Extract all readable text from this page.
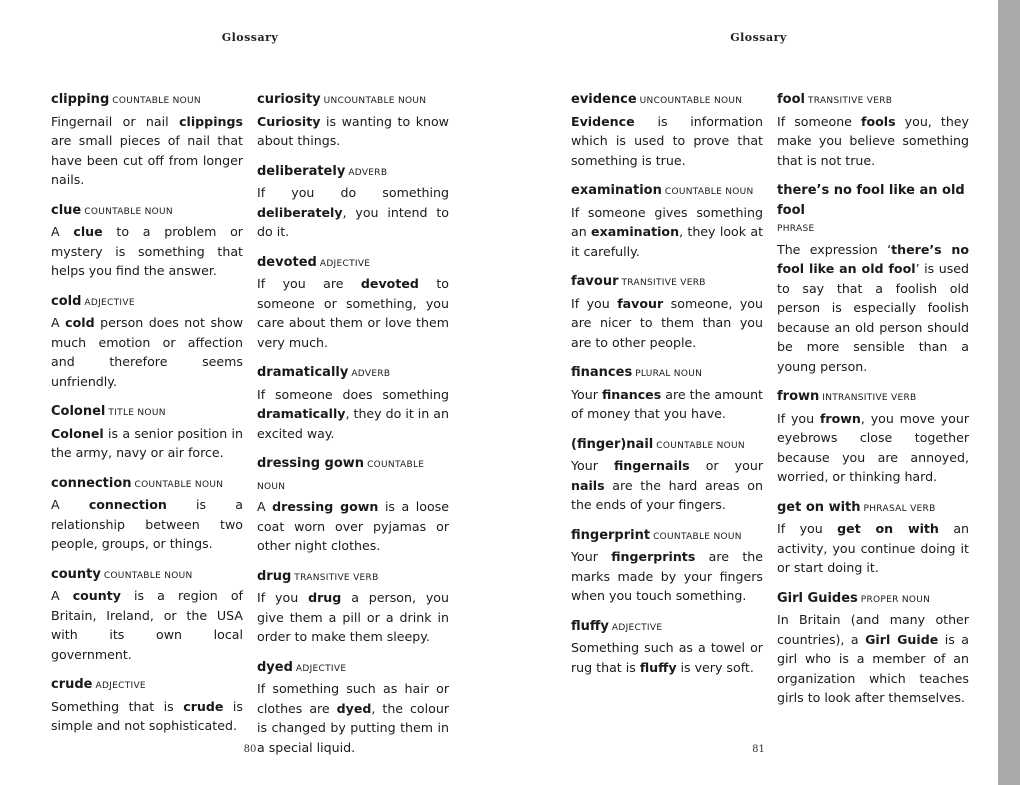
Glossary
clipping COUNTABLE NOUN

Fingernail or nail clippings are small pieces of nail that have been cut off from longer nails.

clue COUNTABLE NOUN

A clue to a problem or mystery is something that helps you find the answer.

cold ADJECTIVE

A cold person does not show much emotion or affection and therefore seems unfriendly.

Colonel TITLE NOUN

Colonel is a senior position in the army, navy or air force.

connection COUNTABLE NOUN

A connection is a relationship between two people, groups, or things.

county COUNTABLE NOUN

A county is a region of Britain, Ireland, or the USA with its own local government.

crude ADJECTIVE

Something that is crude is simple and not sophisticated.

curiosity UNCOUNTABLE NOUN

Curiosity is wanting to know about things.

deliberately ADVERB

If you do something deliberately, you intend to do it.

devoted ADJECTIVE

If you are devoted to someone or something, you care about them or love them very much.

dramatically ADVERB

If someone does something dramatically, they do it in an excited way.

dressing gown COUNTABLE NOUN

A dressing gown is a loose coat worn over pyjamas or other night clothes.

drug TRANSITIVE VERB

If you drug a person, you give them a pill or a drink in order to make them sleepy.

dyed ADJECTIVE

If something such as hair or clothes are dyed, the colour is changed by putting them in a special liquid.

80
Glossary
evidence UNCOUNTABLE NOUN

Evidence is information which is used to prove that something is true.

examination COUNTABLE NOUN

If someone gives something an examination, they look at it carefully.

favour TRANSITIVE VERB

If you favour someone, you are nicer to them than you are to other people.

finances PLURAL NOUN

Your finances are the amount of money that you have.

(finger)nail COUNTABLE NOUN

Your fingernails or your nails are the hard areas on the ends of your fingers.

fingerprint COUNTABLE NOUN

Your fingerprints are the marks made by your fingers when you touch something.

fluffy ADJECTIVE

Something such as a towel or rug that is fluffy is very soft.

fool TRANSITIVE VERB

If someone fools you, they make you believe something that is not true.

there’s no fool like an old fool
PHRASE

The expression ‘there’s no fool like an old fool’ is used to say that a foolish old person is especially foolish because an old person should be more sensible than a young person.

frown INTRANSITIVE VERB

If you frown, you move your eyebrows close together because you are annoyed, worried, or thinking hard.

get on with PHRASAL VERB

If you get on with an activity, you continue doing it or start doing it.

Girl Guides PROPER NOUN

In Britain (and many other countries), a Girl Guide is a girl who is a member of an organization which teaches girls to look after themselves.

81
